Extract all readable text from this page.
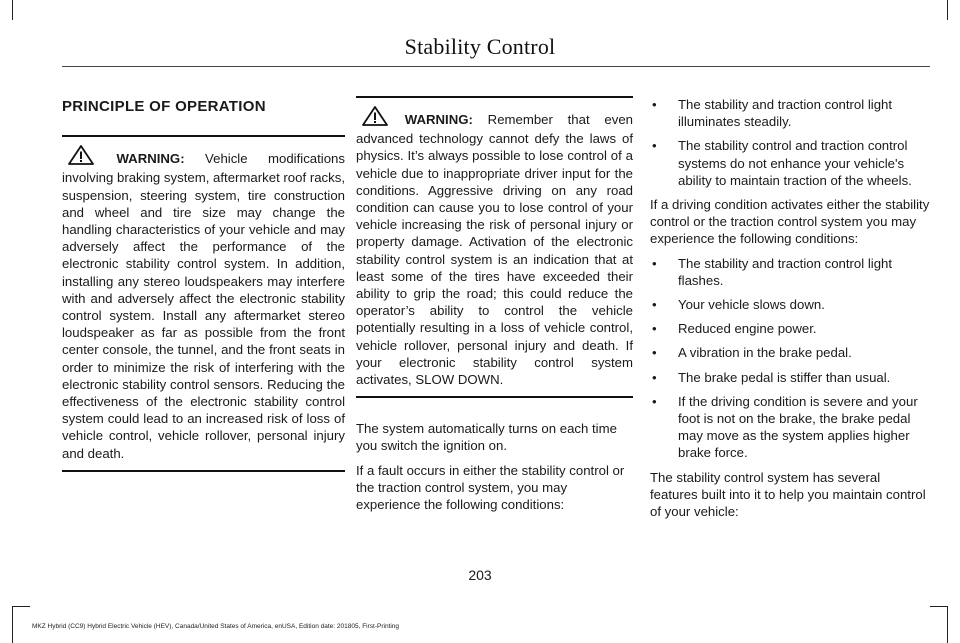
Stability Control
PRINCIPLE OF OPERATION
WARNING: Vehicle modifications involving braking system, aftermarket roof racks, suspension, steering system, tire construction and wheel and tire size may change the handling characteristics of your vehicle and may adversely affect the performance of the electronic stability control system. In addition, installing any stereo loudspeakers may interfere with and adversely affect the electronic stability control system. Install any aftermarket stereo loudspeaker as far as possible from the front center console, the tunnel, and the front seats in order to minimize the risk of interfering with the electronic stability control sensors. Reducing the effectiveness of the electronic stability control system could lead to an increased risk of loss of vehicle control, vehicle rollover, personal injury and death.
WARNING: Remember that even advanced technology cannot defy the laws of physics. It’s always possible to lose control of a vehicle due to inappropriate driver input for the conditions. Aggressive driving on any road condition can cause you to lose control of your vehicle increasing the risk of personal injury or property damage. Activation of the electronic stability control system is an indication that at least some of the tires have exceeded their ability to grip the road; this could reduce the operator’s ability to control the vehicle potentially resulting in a loss of vehicle control, vehicle rollover, personal injury and death. If your electronic stability control system activates, SLOW DOWN.

The system automatically turns on each time you switch the ignition on.

If a fault occurs in either the stability control or the traction control system, you may experience the following conditions:

• The stability and traction control light illuminates steadily.
• The stability control and traction control systems do not enhance your vehicle's ability to maintain traction of the wheels.

If a driving condition activates either the stability control or the traction control system you may experience the following conditions:

• The stability and traction control light flashes.
• Your vehicle slows down.
• Reduced engine power.
• A vibration in the brake pedal.
• The brake pedal is stiffer than usual.
• If the driving condition is severe and your foot is not on the brake, the brake pedal may move as the system applies higher brake force.

The stability control system has several features built into it to help you maintain control of your vehicle:

203
MKZ Hybrid (CC9) Hybrid Electric Vehicle (HEV), Canada/United States of America, enUSA, Edition date: 201805, First-Printing
